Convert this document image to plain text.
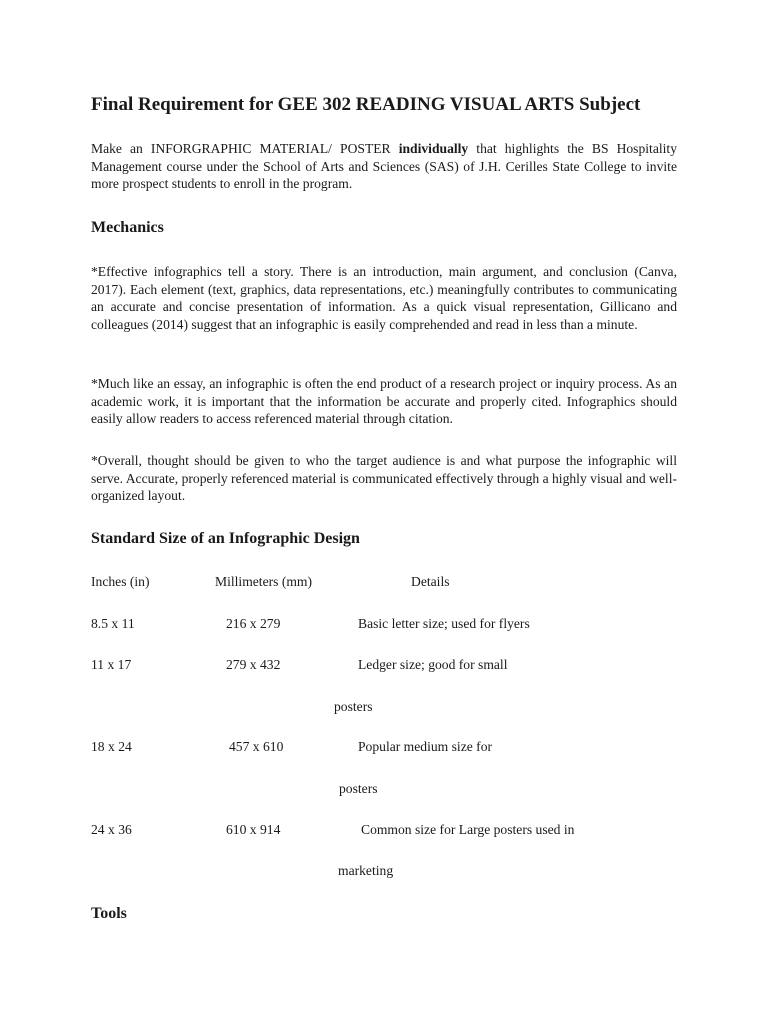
Final Requirement for GEE 302 READING VISUAL ARTS Subject

Make an INFORGRAPHIC MATERIAL/ POSTER individually that highlights the BS Hospitality Management course under the School of Arts and Sciences (SAS) of J.H. Cerilles State College to invite more prospect students to enroll in the program.

Mechanics

*Effective infographics tell a story. There is an introduction, main argument, and conclusion (Canva, 2017). Each element (text, graphics, data representations, etc.) meaningfully contributes to communicating an accurate and concise presentation of information. As a quick visual representation, Gillicano and colleagues (2014) suggest that an infographic is easily comprehended and read in less than a minute.

*Much like an essay, an infographic is often the end product of a research project or inquiry process. As an academic work, it is important that the information be accurate and properly cited. Infographics should easily allow readers to access referenced material through citation.

*Overall, thought should be given to who the target audience is and what purpose the infographic will serve. Accurate, properly referenced material is communicated effectively through a highly visual and well-organized layout.

Standard Size of an Infographic Design
Inches (in)	Millimeters (mm)	Details
8.5 x 11	216 x 279	Basic letter size; used for flyers
11 x 17	279 x 432	Ledger size; good for small
posters
18 x 24	457 x 610	Popular medium size for
posters
24 x 36	610 x 914	Common size for Large posters used in
marketing
Tools
